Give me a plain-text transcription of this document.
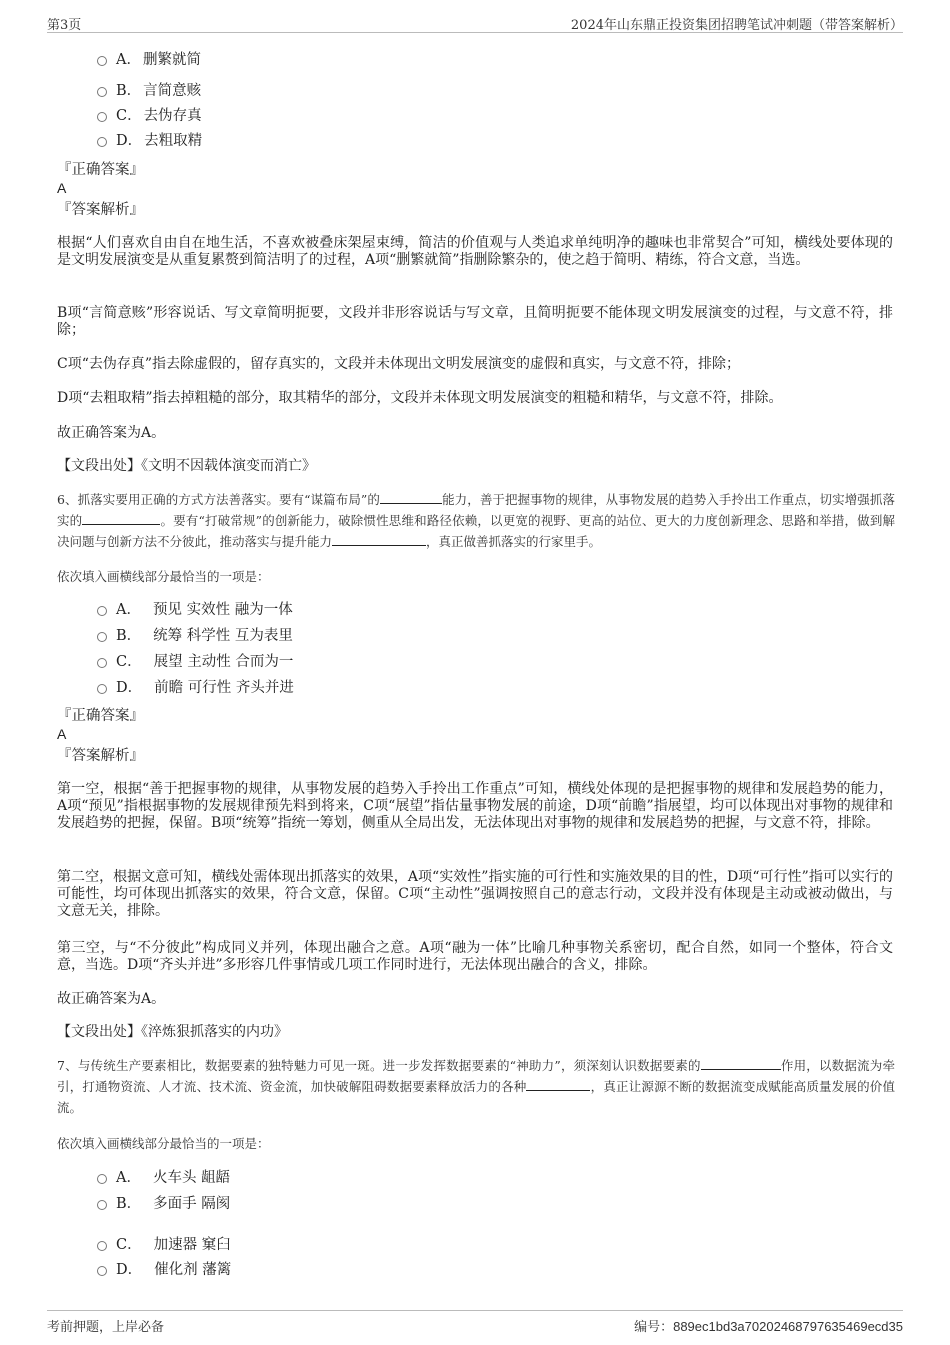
第3页	2024年山东鼎正投资集团招聘笔试冲刺题（带答案解析）
A． 删繁就简
B． 言简意赅
C． 去伪存真
D． 去粗取精
『正确答案』
A
『答案解析』
根据“人们喜欢自由自在地生活，不喜欢被叠床架屋束缚，简洁的价值观与人类追求单纯明净的趣味也非常契合”可知，横线处要体现的是文明发展演变是从重复累赘到简洁明了的过程，A项“删繁就简”指删除繁杂的，使之趋于简明、精练，符合文意，当选。
B项“言简意赅”形容说话、写文章简明扼要，文段并非形容说话与写文章，且简明扼要不能体现文明发展演变的过程，与文意不符，排除；
C项“去伪存真”指去除虚假的，留存真实的，文段并未体现出文明发展演变的虚假和真实，与文意不符，排除；
D项“去粗取精”指去掉粗糙的部分，取其精华的部分，文段并未体现文明发展演变的粗糙和精华，与文意不符，排除。
故正确答案为A。
【文段出处】《文明不因载体演变而消亡》
6、抓落实要用正确的方式方法善落实。要有“谋篇布局”的	能力，善于把握事物的规律，从事物发展的趋势入手拎出工作重点，切实增强抓落实的	。要有“打破常规”的创新能力，破除惯性思维和路径依赖，以更宽的视野、更高的站位、更大的力度创新理念、思路和举措，做到解决问题与创新方法不分彼此，推动落实与提升能力	，真正做善抓落实的行家里手。
依次填入画横线部分最恰当的一项是：
A． 预见 实效性 融为一体
B． 统筹 科学性 互为表里
C． 展望 主动性 合而为一
D． 前瞻 可行性 齐头并进
『正确答案』
A
『答案解析』
第一空，根据“善于把握事物的规律，从事物发展的趋势入手拎出工作重点”可知，横线处体现的是把握事物的规律和发展趋势的能力，A项“预见”指根据事物的发展规律预先料到将来，C项“展望”指估量事物发展的前途，D项“前瞻”指展望，均可以体现出对事物的规律和发展趋势的把握，保留。B项“统筹”指统一筹划，侧重从全局出发，无法体现出对事物的规律和发展趋势的把握，与文意不符，排除。
第二空，根据文意可知，横线处需体现出抓落实的效果，A项“实效性”指实施的可行性和实施效果的目的性，D项“可行性”指可以实行的可能性，均可体现出抓落实的效果，符合文意，保留。C项“主动性”强调按照自己的意志行动，文段并没有体现是主动或被动做出，与文意无关，排除。
第三空，与“不分彼此”构成同义并列，体现出融合之意。A项“融为一体”比喻几种事物关系密切，配合自然，如同一个整体，符合文意，当选。D项“齐头并进”多形容几件事情或几项工作同时进行，无法体现出融合的含义，排除。
故正确答案为A。
【文段出处】《淬炼狠抓落实的内功》
7、与传统生产要素相比，数据要素的独特魅力可见一斑。进一步发挥数据要素的“神助力”，须深刻认识数据要素的	作用，以数据流为牵引，打通物资流、人才流、技术流、资金流，加快破解阻碍数据要素释放活力的各种	，真正让源源不断的数据流变成赋能高质量发展的价值流。
依次填入画横线部分最恰当的一项是：
A． 火车头 龃龉
B． 多面手 隔阂
C． 加速器 窠臼
D． 催化剂 藩篱
考前押题，上岸必备	编号：889ec1bd3a70202468797635469ecd35
